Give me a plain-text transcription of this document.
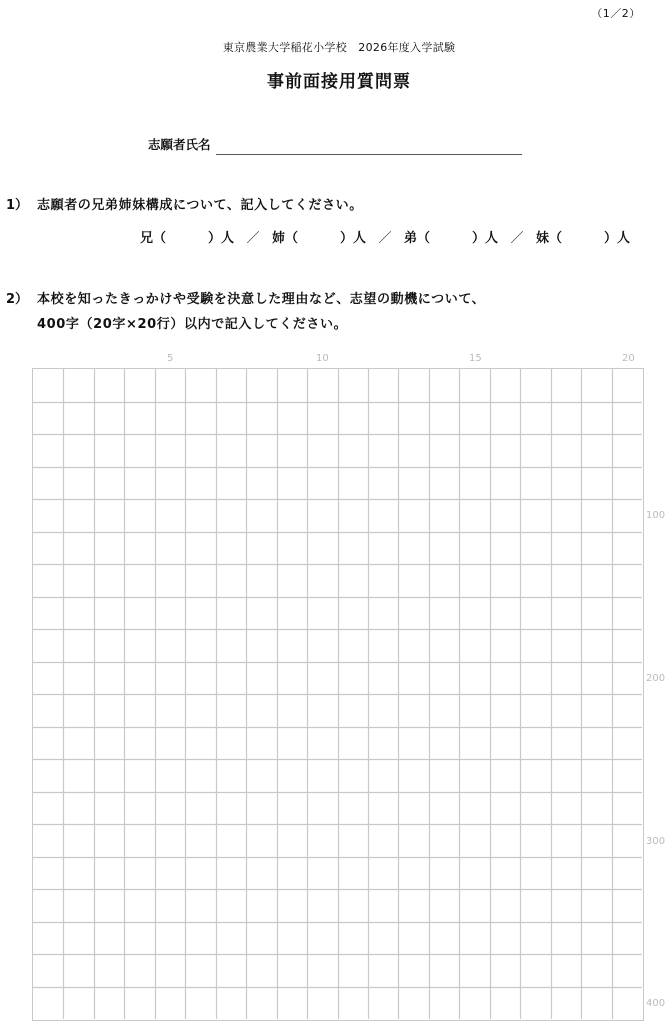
（1／2）
東京農業大学稲花小学校　2026年度入学試験
事前面接用質問票
志願者氏名
1） 志願者の兄弟姉妹構成について、記入してください。
兄（	）人 ／ 姉（	）人 ／ 弟（	）人 ／ 妹（	）人
2） 本校を知ったきっかけや受験を決意した理由など、志望の動機について、
400字（20字×20行）以内で記入してください。
5	10	15	20
100
200
300
400
